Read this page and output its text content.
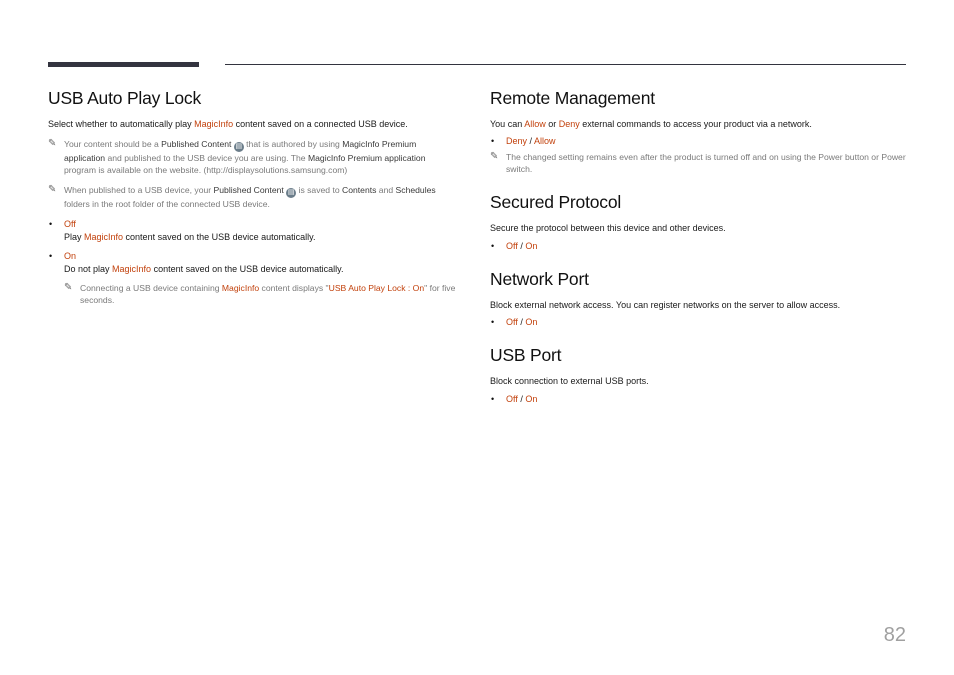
USB Auto Play Lock

Select whether to automatically play MagicInfo content saved on a connected USB device.

✎ Your content should be a Published Content ▤ that is authored by using MagicInfo Premium application and published to the USB device you are using. The MagicInfo Premium application program is available on the website. (http://displaysolutions.samsung.com)

✎ When published to a USB device, your Published Content ▤ is saved to Contents and Schedules folders in the root folder of the connected USB device.

• Off

Play MagicInfo content saved on the USB device automatically.

• On

Do not play MagicInfo content saved on the USB device automatically.

✎ Connecting a USB device containing MagicInfo content displays "USB Auto Play Lock : On" for five seconds.

Remote Management

You can Allow or Deny external commands to access your product via a network.

• Deny / Allow

✎ The changed setting remains even after the product is turned off and on using the Power button or Power switch.

Secured Protocol

Secure the protocol between this device and other devices.

• Off / On

Network Port

Block external network access. You can register networks on the server to allow access.

• Off / On

USB Port

Block connection to external USB ports.

• Off / On

82
